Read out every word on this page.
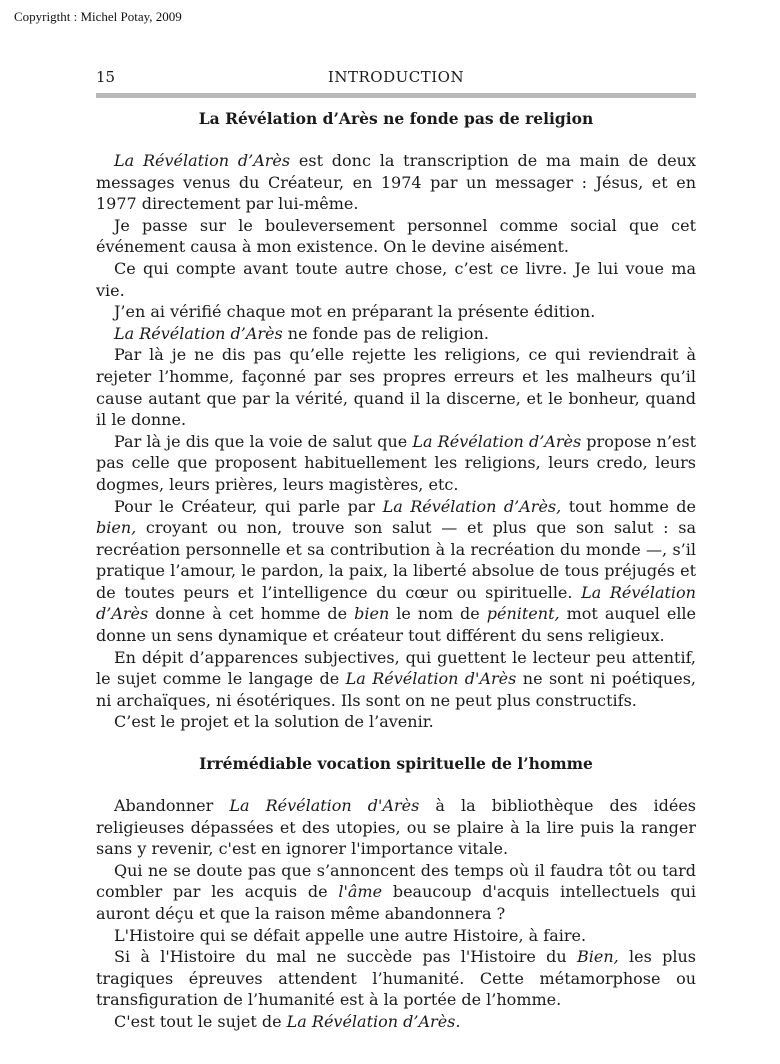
Copyrigtht : Michel Potay, 2009
15	INTRODUCTION
La Révélation d’Arès ne fonde pas de religion

La Révélation d’Arès est donc la transcription de ma main de deux messages venus du Créateur, en 1974 par un messager : Jésus, et en 1977 directement par lui-même.

Je passe sur le bouleversement personnel comme social que cet événement causa à mon existence. On le devine aisément.

Ce qui compte avant toute autre chose, c’est ce livre. Je lui voue ma vie.

J’en ai vérifié chaque mot en préparant la présente édition.

La Révélation d’Arès ne fonde pas de religion.

Par là je ne dis pas qu’elle rejette les religions, ce qui reviendrait à rejeter l’homme, façonné par ses propres erreurs et les malheurs qu’il cause autant que par la vérité, quand il la discerne, et le bonheur, quand il le donne.

Par là je dis que la voie de salut que La Révélation d’Arès propose n’est pas celle que proposent habituellement les religions, leurs credo, leurs dogmes, leurs prières, leurs magistères, etc.

Pour le Créateur, qui parle par La Révélation d’Arès, tout homme de bien, croyant ou non, trouve son salut — et plus que son salut : sa recréation personnelle et sa contribution à la recréation du monde —, s’il pratique l’amour, le pardon, la paix, la liberté absolue de tous préjugés et de toutes peurs et l’intelligence du cœur ou spirituelle. La Révélation d’Arès donne à cet homme de bien le nom de pénitent, mot auquel elle donne un sens dynamique et créateur tout différent du sens religieux.

En dépit d’apparences subjectives, qui guettent le lecteur peu attentif, le sujet comme le langage de La Révélation d'Arès ne sont ni poétiques, ni archaïques, ni ésotériques. Ils sont on ne peut plus constructifs.

C’est le projet et la solution de l’avenir.

Irrémédiable vocation spirituelle de l’homme

Abandonner La Révélation d'Arès à la bibliothèque des idées religieuses dépassées et des utopies, ou se plaire à la lire puis la ranger sans y revenir, c'est en ignorer l'importance vitale.

Qui ne se doute pas que s’annoncent des temps où il faudra tôt ou tard combler par les acquis de l'âme beaucoup d'acquis intellectuels qui auront déçu et que la raison même abandonnera ?

L'Histoire qui se défait appelle une autre Histoire, à faire.

Si à l'Histoire du mal ne succède pas l'Histoire du Bien, les plus tragiques épreuves attendent l’humanité. Cette métamorphose ou transfiguration de l’humanité est à la portée de l’homme.

C'est tout le sujet de La Révélation d’Arès.
